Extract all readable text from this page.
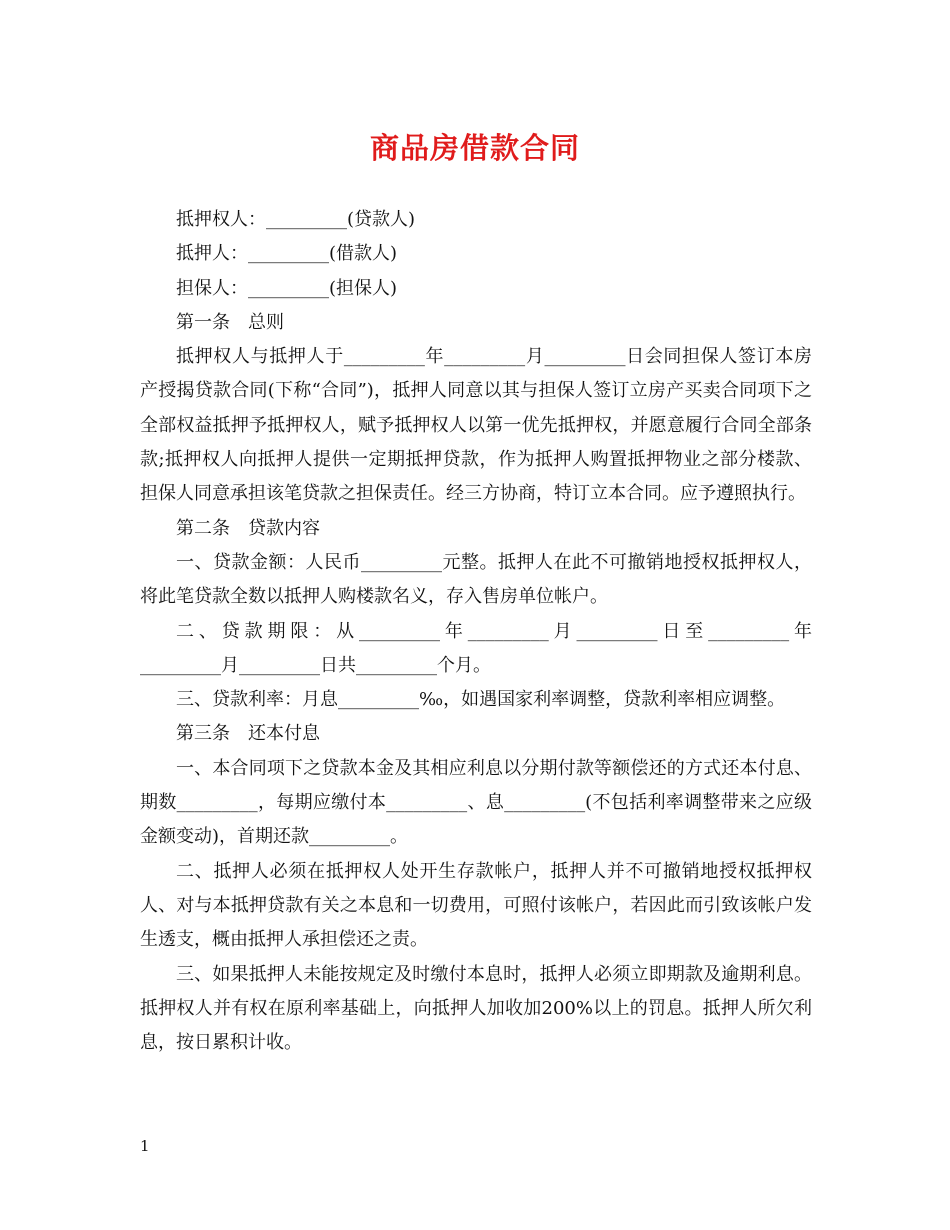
商品房借款合同

抵押权人：_________(贷款人)

抵押人：_________(借款人)

担保人：_________(担保人)

第一条　总则

抵押权人与抵押人于_________年_________月_________日会同担保人签订本房产授揭贷款合同(下称“合同”)，抵押人同意以其与担保人签订立房产买卖合同项下之全部权益抵押予抵押权人，赋予抵押权人以第一优先抵押权，并愿意履行合同全部条款;抵押权人向抵押人提供一定期抵押贷款，作为抵押人购置抵押物业之部分楼款、担保人同意承担该笔贷款之担保责任。经三方协商，特订立本合同。应予遵照执行。

第二条　贷款内容

一、贷款金额：人民币_________元整。抵押人在此不可撤销地授权抵押权人，将此笔贷款全数以抵押人购楼款名义，存入售房单位帐户。

二、贷款期限：从_________年_________月_________日至_________年_________月_________日共_________个月。

三、贷款利率：月息_________‰，如遇国家利率调整，贷款利率相应调整。

第三条　还本付息

一、本合同项下之贷款本金及其相应利息以分期付款等额偿还的方式还本付息、期数_________，每期应缴付本_________、息_________(不包括利率调整带来之应级金额变动)，首期还款_________。

二、抵押人必须在抵押权人处开生存款帐户，抵押人并不可撤销地授权抵押权人、对与本抵押贷款有关之本息和一切费用，可照付该帐户，若因此而引致该帐户发生透支，概由抵押人承担偿还之责。

三、如果抵押人未能按规定及时缴付本息时，抵押人必须立即期款及逾期利息。抵押权人并有权在原利率基础上，向抵押人加收加200%以上的罚息。抵押人所欠利息，按日累积计收。

1
